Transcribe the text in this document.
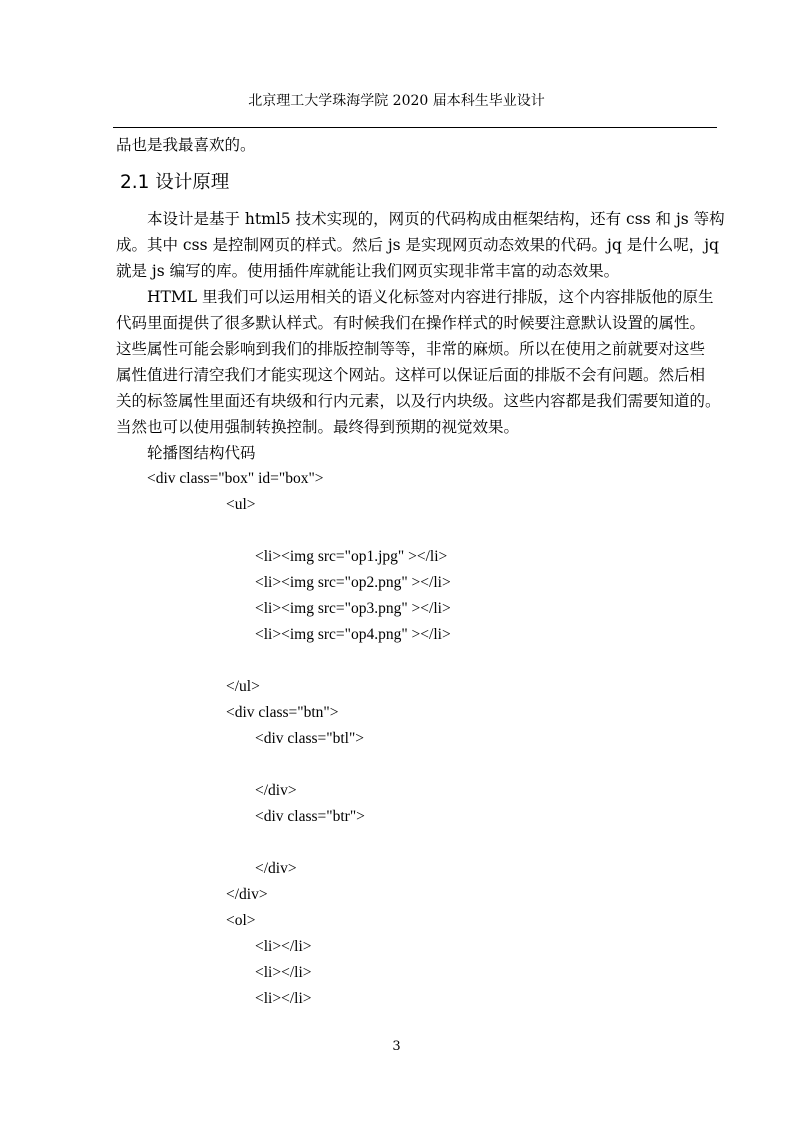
北京理工大学珠海学院 2020 届本科生毕业设计
品也是我最喜欢的。
2.1 设计原理
本设计是基于 html5 技术实现的，网页的代码构成由框架结构，还有 css 和 js 等构
成。其中 css 是控制网页的样式。然后 js 是实现网页动态效果的代码。jq 是什么呢，jq
就是 js 编写的库。使用插件库就能让我们网页实现非常丰富的动态效果。
HTML 里我们可以运用相关的语义化标签对内容进行排版，这个内容排版他的原生
代码里面提供了很多默认样式。有时候我们在操作样式的时候要注意默认设置的属性。
这些属性可能会影响到我们的排版控制等等，非常的麻烦。所以在使用之前就要对这些
属性值进行清空我们才能实现这个网站。这样可以保证后面的排版不会有问题。然后相
关的标签属性里面还有块级和行内元素，以及行内块级。这些内容都是我们需要知道的。
当然也可以使用强制转换控制。最终得到预期的视觉效果。
轮播图结构代码
<div class="box" id="box">
<ul>
<li><img src="op1.jpg" ></li>
<li><img src="op2.png" ></li>
<li><img src="op3.png" ></li>
<li><img src="op4.png" ></li>
</ul>
<div class="btn">
<div class="btl">
</div>
<div class="btr">
</div>
</div>
<ol>
<li></li>
<li></li>
<li></li>
3
